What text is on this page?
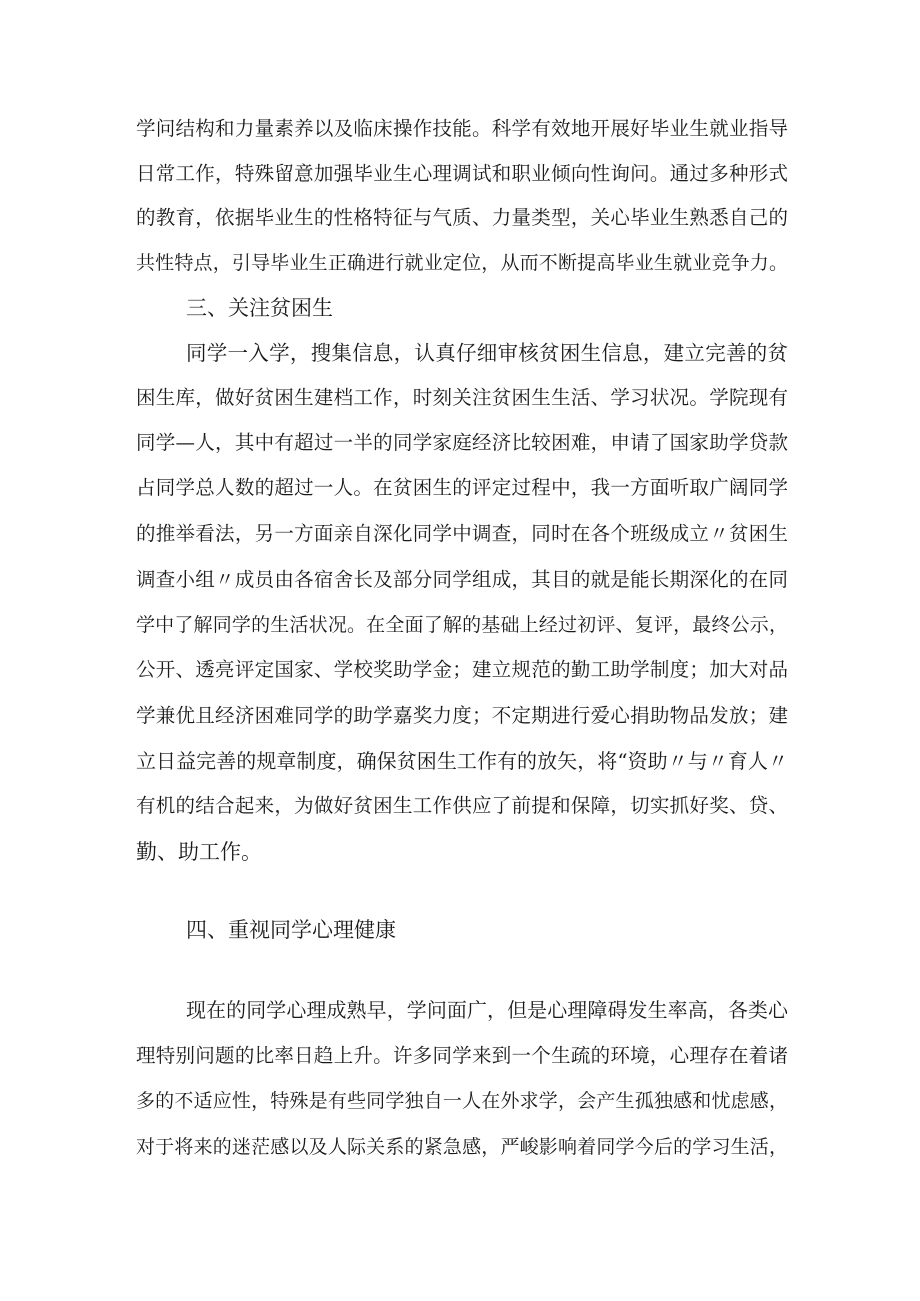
学问结构和力量素养以及临床操作技能。科学有效地开展好毕业生就业指导
日常工作，特殊留意加强毕业生心理调试和职业倾向性询问。通过多种形式
的教育，依据毕业生的性格特征与气质、力量类型，关心毕业生熟悉自己的
共性特点，引导毕业生正确进行就业定位，从而不断提高毕业生就业竞争力。
三、关注贫困生
同学一入学，搜集信息，认真仔细审核贫困生信息，建立完善的贫
困生库，做好贫困生建档工作，时刻关注贫困生生活、学习状况。学院现有
同学—人，其中有超过一半的同学家庭经济比较困难，申请了国家助学贷款
占同学总人数的超过一人。在贫困生的评定过程中，我一方面听取广阔同学
的推举看法，另一方面亲自深化同学中调查，同时在各个班级成立〃贫困生
调查小组〃成员由各宿舍长及部分同学组成，其目的就是能长期深化的在同
学中了解同学的生活状况。在全面了解的基础上经过初评、复评，最终公示，
公开、透亮评定国家、学校奖助学金；建立规范的勤工助学制度；加大对品
学兼优且经济困难同学的助学嘉奖力度；不定期进行爱心捐助物品发放；建
立日益完善的规章制度，确保贫困生工作有的放矢，将“资助〃与〃育人〃
有机的结合起来，为做好贫困生工作供应了前提和保障，切实抓好奖、贷、
勤、助工作。
四、重视同学心理健康
现在的同学心理成熟早，学问面广，但是心理障碍发生率高，各类心
理特别问题的比率日趋上升。许多同学来到一个生疏的环境，心理存在着诸
多的不适应性，特殊是有些同学独自一人在外求学，会产生孤独感和忧虑感，
对于将来的迷茫感以及人际关系的紧急感，严峻影响着同学今后的学习生活，
